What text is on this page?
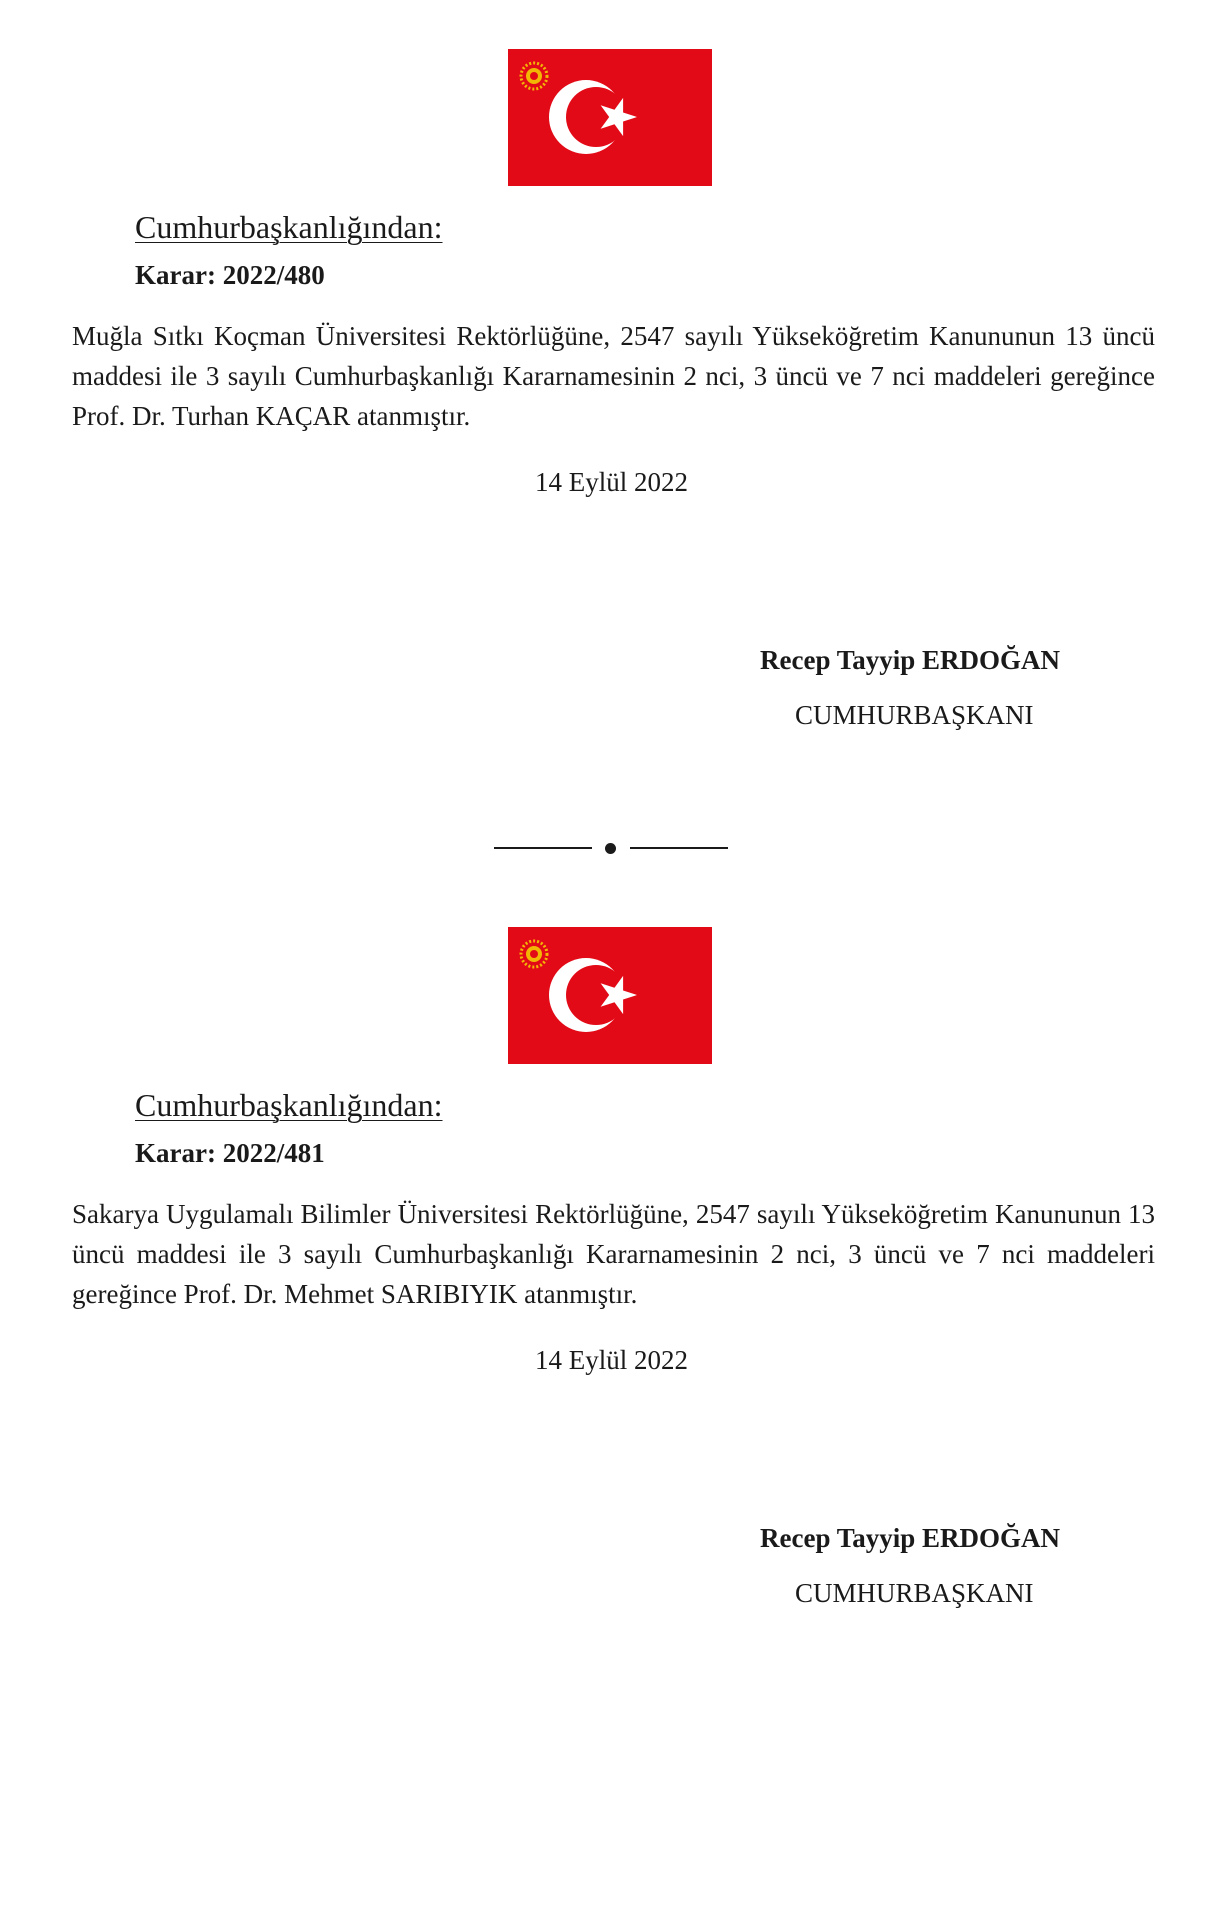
Cumhurbaşkanlığından:
Karar: 2022/480

Muğla Sıtkı Koçman Üniversitesi Rektörlüğüne, 2547 sayılı Yükseköğretim Kanununun 13 üncü maddesi ile 3 sayılı Cumhurbaşkanlığı Kararnamesinin 2 nci, 3 üncü ve 7 nci maddeleri gereğince Prof. Dr. Turhan KAÇAR atanmıştır.

14 Eylül 2022
Recep Tayyip ERDOĞAN
CUMHURBAŞKANI
Cumhurbaşkanlığından:
Karar: 2022/481

Sakarya Uygulamalı Bilimler Üniversitesi Rektörlüğüne, 2547 sayılı Yükseköğretim Kanununun 13 üncü maddesi ile 3 sayılı Cumhurbaşkanlığı Kararnamesinin 2 nci, 3 üncü ve 7 nci maddeleri gereğince Prof. Dr. Mehmet SARIBIYIK atanmıştır.

14 Eylül 2022
Recep Tayyip ERDOĞAN
CUMHURBAŞKANI
